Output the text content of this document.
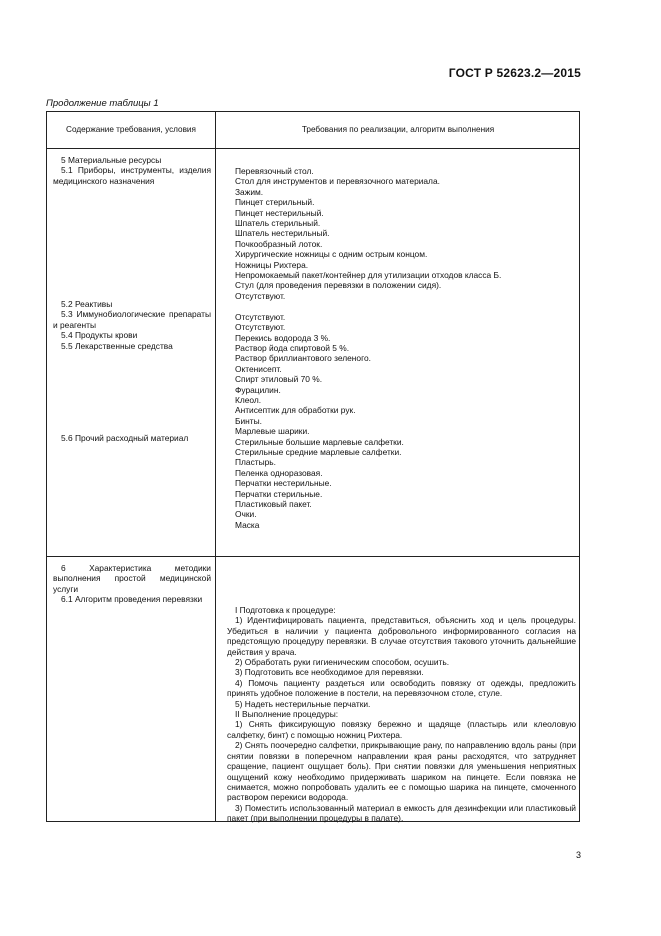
ГОСТ Р 52623.2—2015
Продолжение таблицы 1
Содержание требования, условия	Требования по реализации, алгоритм выполнения

5 Материальные ресурсы

5.1 Приборы, инструменты, изделия медицинского назначения

5.2 Реактивы

5.3 Иммунобиологические препараты и реагенты

5.4 Продукты крови

5.5 Лекарственные средства

5.6 Прочий расходный материал

Перевязочный стол.

Стол для инструментов и перевязочного материала.

Зажим.

Пинцет стерильный.

Пинцет нестерильный.

Шпатель стерильный.

Шпатель нестерильный.

Почкообразный лоток.

Хирургические ножницы с одним острым концом.

Ножницы Рихтера.

Непромокаемый пакет/контейнер для утилизации отходов класса Б.

Стул (для проведения перевязки в положении сидя).

Отсутствуют.

Отсутствуют.

Отсутствуют.

Перекись водорода 3 %.

Раствор йода спиртовой 5 %.

Раствор бриллиантового зеленого.

Октенисепт.

Спирт этиловый 70 %.

Фурацилин.

Клеол.

Антисептик для обработки рук.

Бинты.

Марлевые шарики.

Стерильные большие марлевые салфетки.

Стерильные средние марлевые салфетки.

Пластырь.

Пеленка одноразовая.

Перчатки нестерильные.

Перчатки стерильные.

Пластиковый пакет.

Очки.

Маска

6 Характеристика методики выполнения простой медицинской услуги

6.1 Алгоритм проведения перевязки

I Подготовка к процедуре:

1) Идентифицировать пациента, представиться, объяснить ход и цель процедуры. Убедиться в наличии у пациента добровольного информированного согласия на предстоящую процедуру перевязки. В случае отсутствия такового уточнить дальнейшие действия у врача.

2) Обработать руки гигиеническим способом, осушить.

3) Подготовить все необходимое для перевязки.

4) Помочь пациенту раздеться или освободить повязку от одежды, предложить принять удобное положение в постели, на перевязочном столе, стуле.

5) Надеть нестерильные перчатки.

II Выполнение процедуры:

1) Снять фиксирующую повязку бережно и щадяще (пластырь или клеоловую салфетку, бинт) с помощью ножниц Рихтера.

2) Снять поочередно салфетки, прикрывающие рану, по направлению вдоль раны (при снятии повязки в поперечном направлении края раны расходятся, что затрудняет сращение, пациент ощущает боль). При снятии повязки для уменьшения неприятных ощущений кожу необходимо придерживать шариком на пинцете. Если повязка не снимается, можно попробовать удалить ее с помощью шарика на пинцете, смоченного раствором перекиси водорода.

3) Поместить использованный материал в емкость для дезинфекции или пластиковый пакет (при выполнении процедуры в палате).

3
